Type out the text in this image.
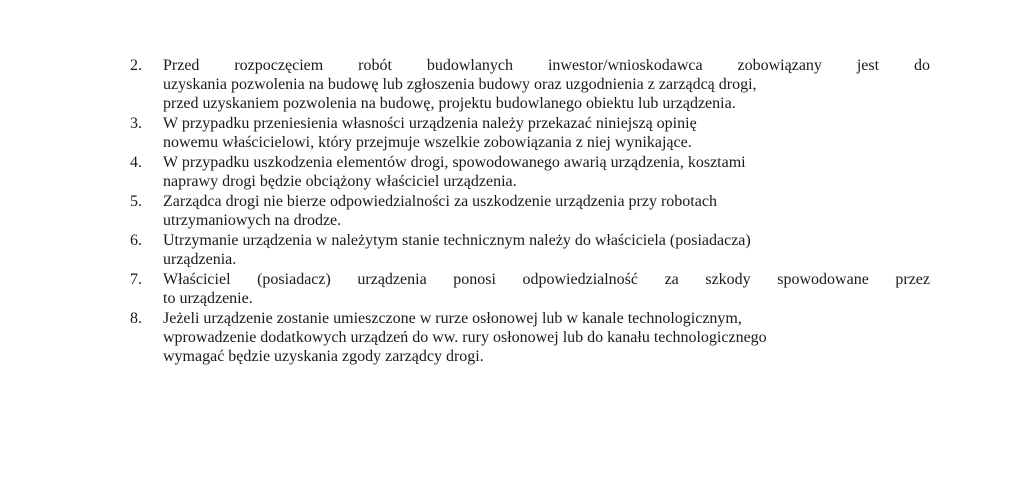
2.	Przed rozpoczęciem robót budowlanych inwestor/wnioskodawca zobowiązany jest do
uzyskania pozwolenia na budowę lub zgłoszenia budowy oraz uzgodnienia z zarządcą drogi,
przed uzyskaniem pozwolenia na budowę, projektu budowlanego obiektu lub urządzenia.
3.	W przypadku przeniesienia własności urządzenia należy przekazać niniejszą opinię
nowemu właścicielowi, który przejmuje wszelkie zobowiązania z niej wynikające.
4.	W przypadku uszkodzenia elementów drogi, spowodowanego awarią urządzenia, kosztami
naprawy drogi będzie obciążony właściciel urządzenia.
5.	Zarządca drogi nie bierze odpowiedzialności za uszkodzenie urządzenia przy robotach
utrzymaniowych na drodze.
6.	Utrzymanie urządzenia w należytym stanie technicznym należy do właściciela (posiadacza)
urządzenia.
7.	Właściciel (posiadacz) urządzenia ponosi odpowiedzialność za szkody spowodowane przez
to urządzenie.
8.	Jeżeli urządzenie zostanie umieszczone w rurze osłonowej lub w kanale technologicznym,
wprowadzenie dodatkowych urządzeń do ww. rury osłonowej lub do kanału technologicznego
wymagać będzie uzyskania zgody zarządcy drogi.
